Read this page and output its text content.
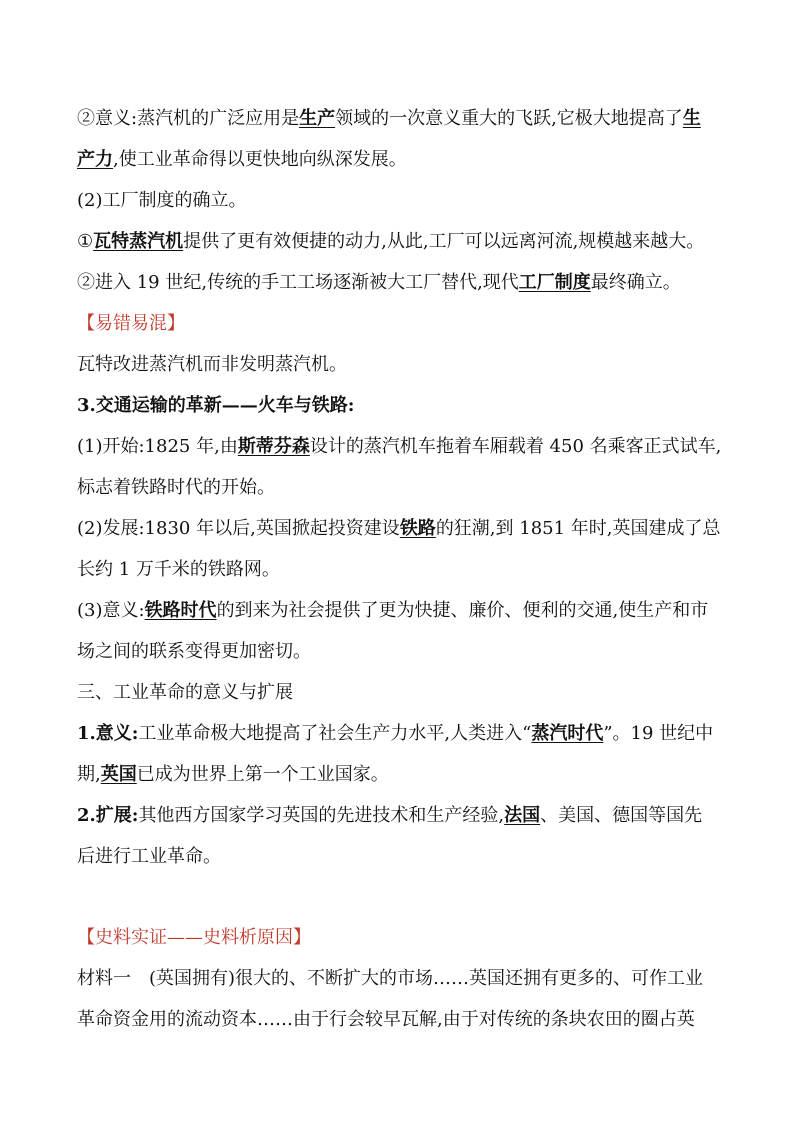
②意义:蒸汽机的广泛应用是生产领域的一次意义重大的飞跃,它极大地提高了生

产力,使工业革命得以更快地向纵深发展。

(2)工厂制度的确立。

①瓦特蒸汽机提供了更有效便捷的动力,从此,工厂可以远离河流,规模越来越大。

②进入 19 世纪,传统的手工工场逐渐被大工厂替代,现代工厂制度最终确立。

【易错易混】

瓦特改进蒸汽机而非发明蒸汽机。

3.交通运输的革新——火车与铁路:

(1)开始:1825 年,由斯蒂芬森设计的蒸汽机车拖着车厢载着 450 名乘客正式试车,

标志着铁路时代的开始。

(2)发展:1830 年以后,英国掀起投资建设铁路的狂潮,到 1851 年时,英国建成了总

长约 1 万千米的铁路网。

(3)意义:铁路时代的到来为社会提供了更为快捷、廉价、便利的交通,使生产和市

场之间的联系变得更加密切。

三、工业革命的意义与扩展

1.意义:工业革命极大地提高了社会生产力水平,人类进入“蒸汽时代”。19 世纪中

期,英国已成为世界上第一个工业国家。

2.扩展:其他西方国家学习英国的先进技术和生产经验,法国、美国、德国等国先

后进行工业革命。

【史料实证——史料析原因】

材料一　(英国拥有)很大的、不断扩大的市场……英国还拥有更多的、可作工业

革命资金用的流动资本……由于行会较早瓦解,由于对传统的条块农田的圈占英
